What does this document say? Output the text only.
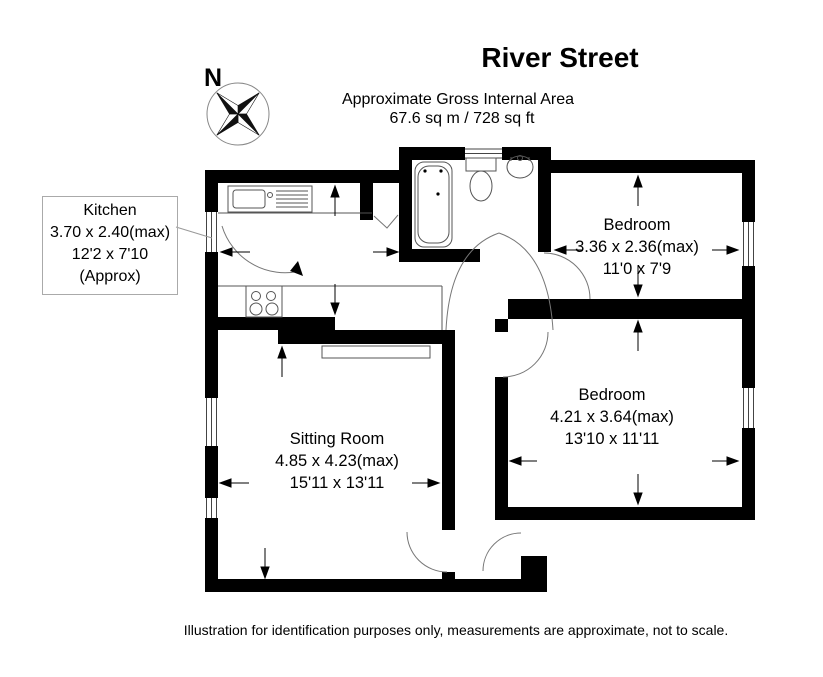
N
River Street
Approximate Gross Internal Area
67.6 sq m / 728 sq ft
Kitchen
3.70 x 2.40(max)
12'2 x 7'10
(Approx)
Bedroom
3.36 x 2.36(max)
11'0 x 7'9
Bedroom
4.21 x 3.64(max)
13'10 x 11'11
Sitting Room
4.85 x 4.23(max)
15'11 x 13'11
Illustration for identification purposes only, measurements are approximate, not to scale.
